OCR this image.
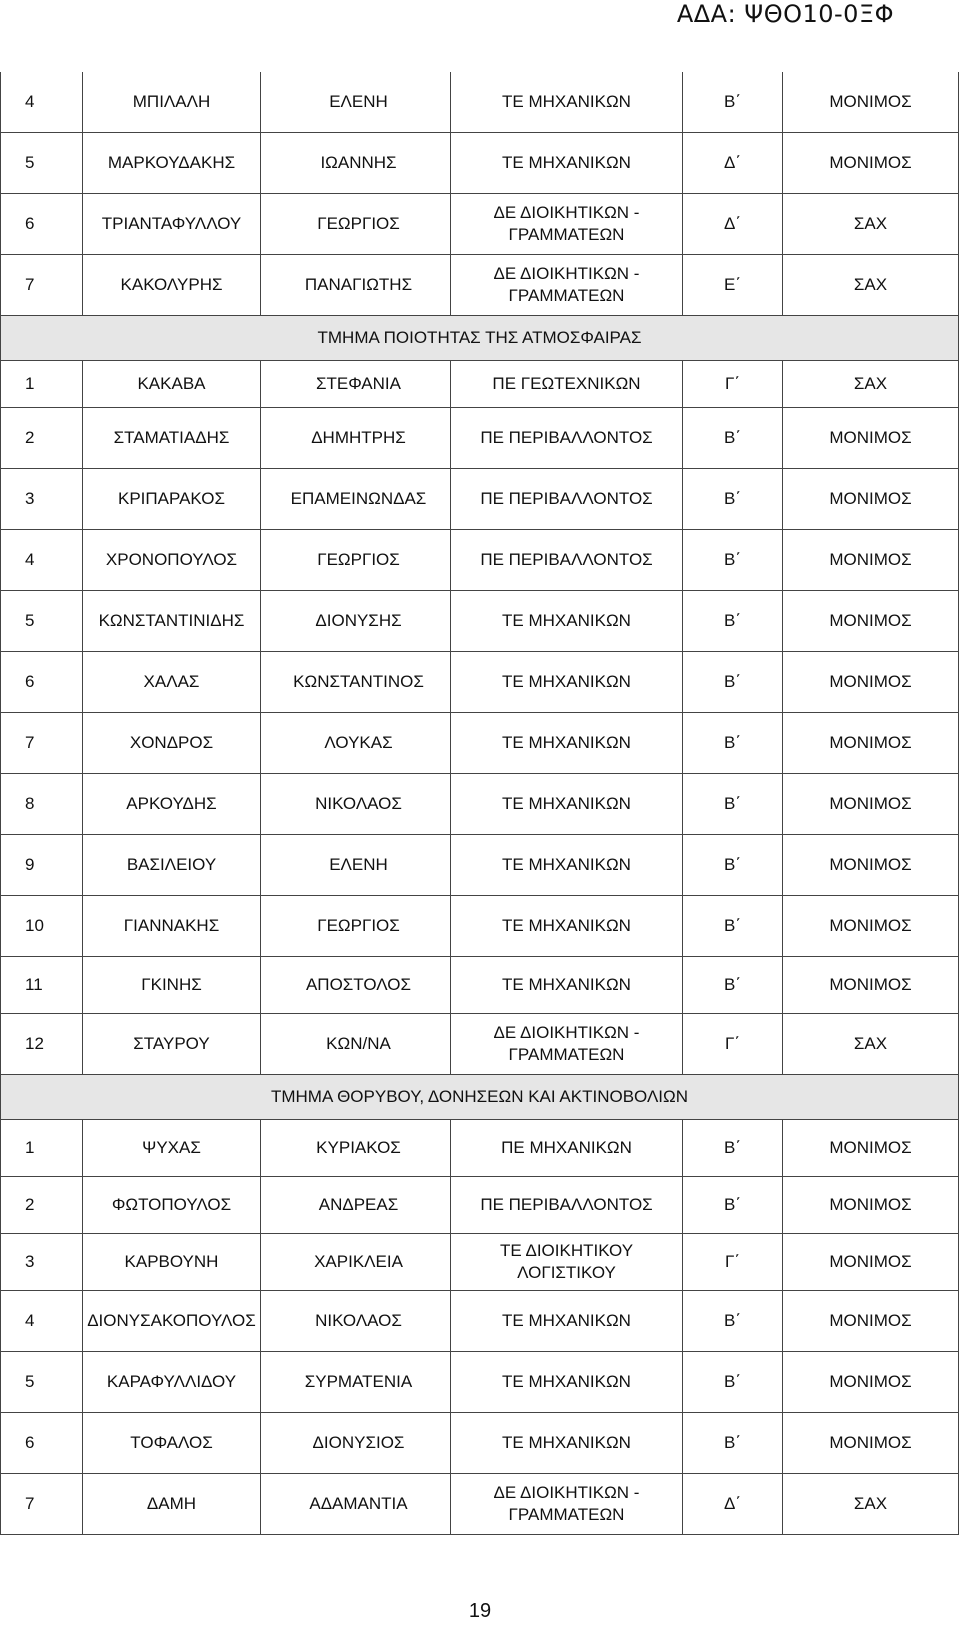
ΑΔΑ: ΨΘΟ10-0ΞΦ
4	ΜΠΙΛΑΛΗ	ΕΛΕΝΗ	ΤΕ ΜΗΧΑΝΙΚΩΝ	Β΄	ΜΟΝΙΜΟΣ
5	ΜΑΡΚΟΥΔΑΚΗΣ	ΙΩΑΝΝΗΣ	ΤΕ ΜΗΧΑΝΙΚΩΝ	Δ΄	ΜΟΝΙΜΟΣ
6	ΤΡΙΑΝΤΑΦΥΛΛΟΥ	ΓΕΩΡΓΙΟΣ	ΔΕ ΔΙΟΙΚΗΤΙΚΩΝ - ΓΡΑΜΜΑΤΕΩΝ	Δ΄	ΣΑΧ
7	ΚΑΚΟΛΥΡΗΣ	ΠΑΝΑΓΙΩΤΗΣ	ΔΕ ΔΙΟΙΚΗΤΙΚΩΝ - ΓΡΑΜΜΑΤΕΩΝ	Ε΄	ΣΑΧ
ΤΜΗΜΑ ΠΟΙΟΤΗΤΑΣ ΤΗΣ ΑΤΜΟΣΦΑΙΡΑΣ					
1	ΚΑΚΑΒΑ	ΣΤΕΦΑΝΙΑ	ΠΕ ΓΕΩΤΕΧΝΙΚΩΝ	Γ΄	ΣΑΧ
2	ΣΤΑΜΑΤΙΑΔΗΣ	ΔΗΜΗΤΡΗΣ	ΠΕ ΠΕΡΙΒΑΛΛΟΝΤΟΣ	Β΄	ΜΟΝΙΜΟΣ
3	ΚΡΙΠΑΡΑΚΟΣ	ΕΠΑΜΕΙΝΩΝΔΑΣ	ΠΕ ΠΕΡΙΒΑΛΛΟΝΤΟΣ	Β΄	ΜΟΝΙΜΟΣ
4	ΧΡΟΝΟΠΟΥΛΟΣ	ΓΕΩΡΓΙΟΣ	ΠΕ ΠΕΡΙΒΑΛΛΟΝΤΟΣ	Β΄	ΜΟΝΙΜΟΣ
5	ΚΩΝΣΤΑΝΤΙΝΙΔΗΣ	ΔΙΟΝΥΣΗΣ	ΤΕ ΜΗΧΑΝΙΚΩΝ	Β΄	ΜΟΝΙΜΟΣ
6	ΧΑΛΑΣ	ΚΩΝΣΤΑΝΤΙΝΟΣ	ΤΕ ΜΗΧΑΝΙΚΩΝ	Β΄	ΜΟΝΙΜΟΣ
7	ΧΟΝΔΡΟΣ	ΛΟΥΚΑΣ	ΤΕ ΜΗΧΑΝΙΚΩΝ	Β΄	ΜΟΝΙΜΟΣ
8	ΑΡΚΟΥΔΗΣ	ΝΙΚΟΛΑΟΣ	ΤΕ ΜΗΧΑΝΙΚΩΝ	Β΄	ΜΟΝΙΜΟΣ
9	ΒΑΣΙΛΕΙΟΥ	ΕΛΕΝΗ	ΤΕ ΜΗΧΑΝΙΚΩΝ	Β΄	ΜΟΝΙΜΟΣ
10	ΓΙΑΝΝΑΚΗΣ	ΓΕΩΡΓΙΟΣ	ΤΕ ΜΗΧΑΝΙΚΩΝ	Β΄	ΜΟΝΙΜΟΣ
11	ΓΚΙΝΗΣ	ΑΠΟΣΤΟΛΟΣ	ΤΕ ΜΗΧΑΝΙΚΩΝ	Β΄	ΜΟΝΙΜΟΣ
12	ΣΤΑΥΡΟΥ	ΚΩΝ/ΝΑ	ΔΕ ΔΙΟΙΚΗΤΙΚΩΝ - ΓΡΑΜΜΑΤΕΩΝ	Γ΄	ΣΑΧ
ΤΜΗΜΑ ΘΟΡΥΒΟΥ, ΔΟΝΗΣΕΩΝ ΚΑΙ ΑΚΤΙΝΟΒΟΛΙΩΝ					
1	ΨΥΧΑΣ	ΚΥΡΙΑΚΟΣ	ΠΕ ΜΗΧΑΝΙΚΩΝ	Β΄	ΜΟΝΙΜΟΣ
2	ΦΩΤΟΠΟΥΛΟΣ	ΑΝΔΡΕΑΣ	ΠΕ ΠΕΡΙΒΑΛΛΟΝΤΟΣ	Β΄	ΜΟΝΙΜΟΣ
3	ΚΑΡΒΟΥΝΗ	ΧΑΡΙΚΛΕΙΑ	ΤΕ ΔΙΟΙΚΗΤΙΚΟΥ ΛΟΓΙΣΤΙΚΟΥ	Γ΄	ΜΟΝΙΜΟΣ
4	ΔΙΟΝΥΣΑΚΟΠΟΥΛΟΣ	ΝΙΚΟΛΑΟΣ	ΤΕ ΜΗΧΑΝΙΚΩΝ	Β΄	ΜΟΝΙΜΟΣ
5	ΚΑΡΑΦΥΛΛΙΔΟΥ	ΣΥΡΜΑΤΕΝΙΑ	ΤΕ ΜΗΧΑΝΙΚΩΝ	Β΄	ΜΟΝΙΜΟΣ
6	ΤΟΦΑΛΟΣ	ΔΙΟΝΥΣΙΟΣ	ΤΕ ΜΗΧΑΝΙΚΩΝ	Β΄	ΜΟΝΙΜΟΣ
7	ΔΑΜΗ	ΑΔΑΜΑΝΤΙΑ	ΔΕ ΔΙΟΙΚΗΤΙΚΩΝ - ΓΡΑΜΜΑΤΕΩΝ	Δ΄	ΣΑΧ
19
